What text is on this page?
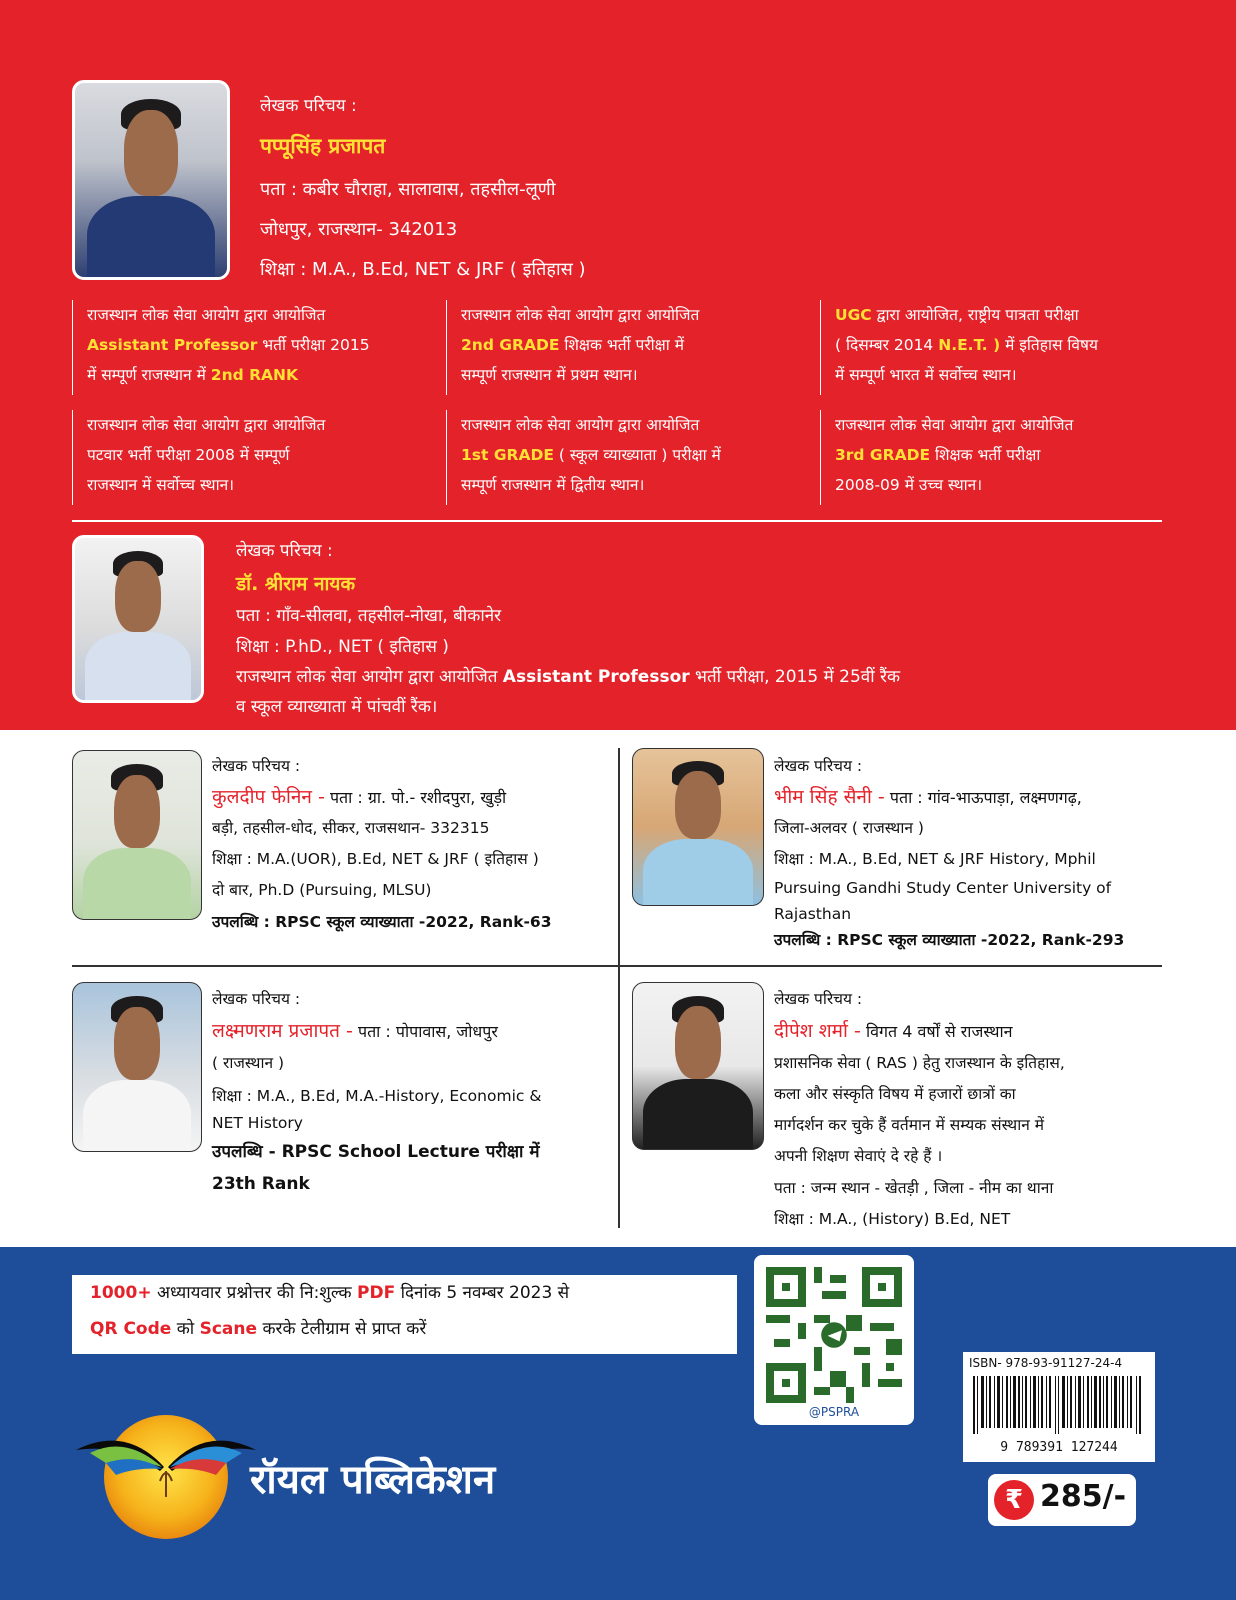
लेखक परिचय :
पप्पूसिंह प्रजापत
पता : कबीर चौराहा, सालावास, तहसील-लूणी
जोधपुर, राजस्थान- 342013
शिक्षा : M.A., B.Ed, NET & JRF ( इतिहास )
राजस्थान लोक सेवा आयोग द्वारा आयोजित
Assistant Professor भर्ती परीक्षा 2015
में सम्पूर्ण राजस्थान में 2nd RANK
राजस्थान लोक सेवा आयोग द्वारा आयोजित
2nd GRADE शिक्षक भर्ती परीक्षा में
सम्पूर्ण राजस्थान में प्रथम स्थान।
UGC द्वारा आयोजित, राष्ट्रीय पात्रता परीक्षा
( दिसम्बर 2014 N.E.T. ) में इतिहास विषय
में सम्पूर्ण भारत में सर्वोच्च स्थान।
राजस्थान लोक सेवा आयोग द्वारा आयोजित
पटवार भर्ती परीक्षा 2008 में सम्पूर्ण
राजस्थान में सर्वोच्च स्थान।
राजस्थान लोक सेवा आयोग द्वारा आयोजित
1st GRADE ( स्कूल व्याख्याता ) परीक्षा में
सम्पूर्ण राजस्थान में द्वितीय स्थान।
राजस्थान लोक सेवा आयोग द्वारा आयोजित
3rd GRADE शिक्षक भर्ती परीक्षा
2008-09 में उच्च स्थान।
लेखक परिचय :
डॉ. श्रीराम नायक
पता : गाँव-सीलवा, तहसील-नोखा, बीकानेर
शिक्षा : P.hD., NET ( इतिहास )
राजस्थान लोक सेवा आयोग द्वारा आयोजित Assistant Professor भर्ती परीक्षा, 2015 में 25वीं रैंक
व स्कूल व्याख्याता में पांचवीं रैंक।
लेखक परिचय :
कुलदीप फेनिन - पता : ग्रा. पो.- रशीदपुरा, खुड़ी
बड़ी, तहसील-धोद, सीकर, राजसथान- 332315
शिक्षा : M.A.(UOR), B.Ed, NET & JRF ( इतिहास )
दो बार, Ph.D (Pursuing, MLSU)
उपलब्धि : RPSC स्कूल व्याख्याता -2022, Rank-63
लेखक परिचय :
भीम सिंह सैनी - पता : गांव-भाऊपाड़ा, लक्ष्मणगढ़,
जिला-अलवर ( राजस्थान )
शिक्षा : M.A., B.Ed, NET & JRF History, Mphil
Pursuing Gandhi Study Center University of
Rajasthan
उपलब्धि : RPSC स्कूल व्याख्याता -2022, Rank-293
लेखक परिचय :
लक्ष्मणराम प्रजापत - पता : पोपावास, जोधपुर
( राजस्थान )
शिक्षा : M.A., B.Ed, M.A.-History, Economic &
NET History
उपलब्धि - RPSC School Lecture परीक्षा में
23th Rank
लेखक परिचय :
दीपेश शर्मा - विगत 4 वर्षों से राजस्थान
प्रशासनिक सेवा ( RAS ) हेतु राजस्थान के इतिहास,
कला और संस्कृति विषय में हजारों छात्रों का
मार्गदर्शन कर चुके हैं वर्तमान में सम्यक संस्थान में
अपनी शिक्षण सेवाएं दे रहे हैं ।
पता : जन्म स्थान - खेतड़ी , जिला - नीम का थाना
शिक्षा : M.A., (History) B.Ed, NET
1000+ अध्यायवार प्रश्नोत्तर की नि:शुल्क PDF दिनांक 5 नवम्बर 2023 से
QR Code को Scane करके टेलीग्राम से प्राप्त करें
@PSPRA
ISBN- 978-93-91127-24-4
9 789391 127244
₹ 285/-
रॉयल पब्लिकेशन
